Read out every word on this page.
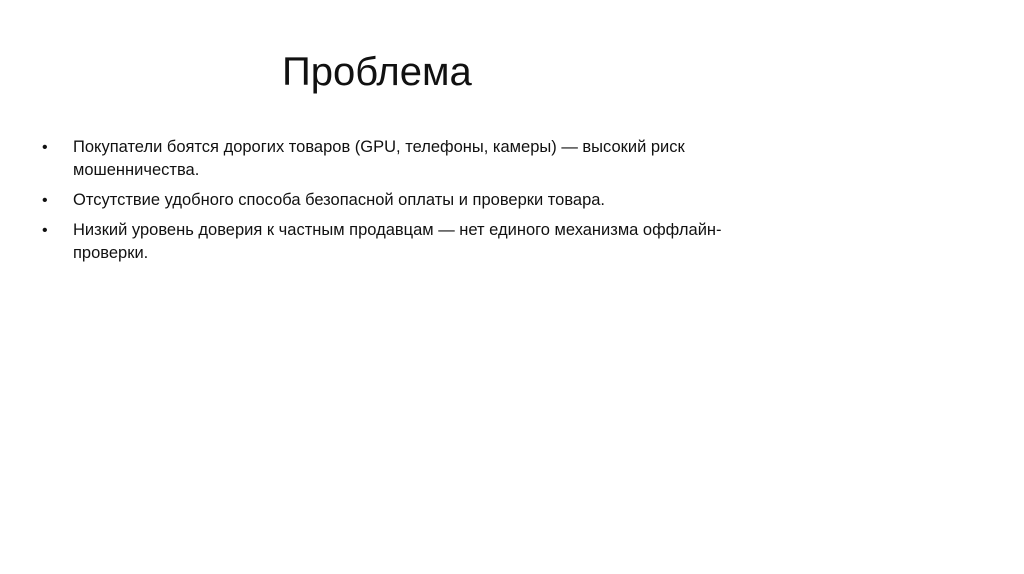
Проблема
•	Покупатели боятся дорогих товаров (GPU, телефоны, камеры) — высокий риск мошенничества.
•	Отсутствие удобного способа безопасной оплаты и проверки товара.
•	Низкий уровень доверия к частным продавцам — нет единого механизма оффлайн-проверки.
